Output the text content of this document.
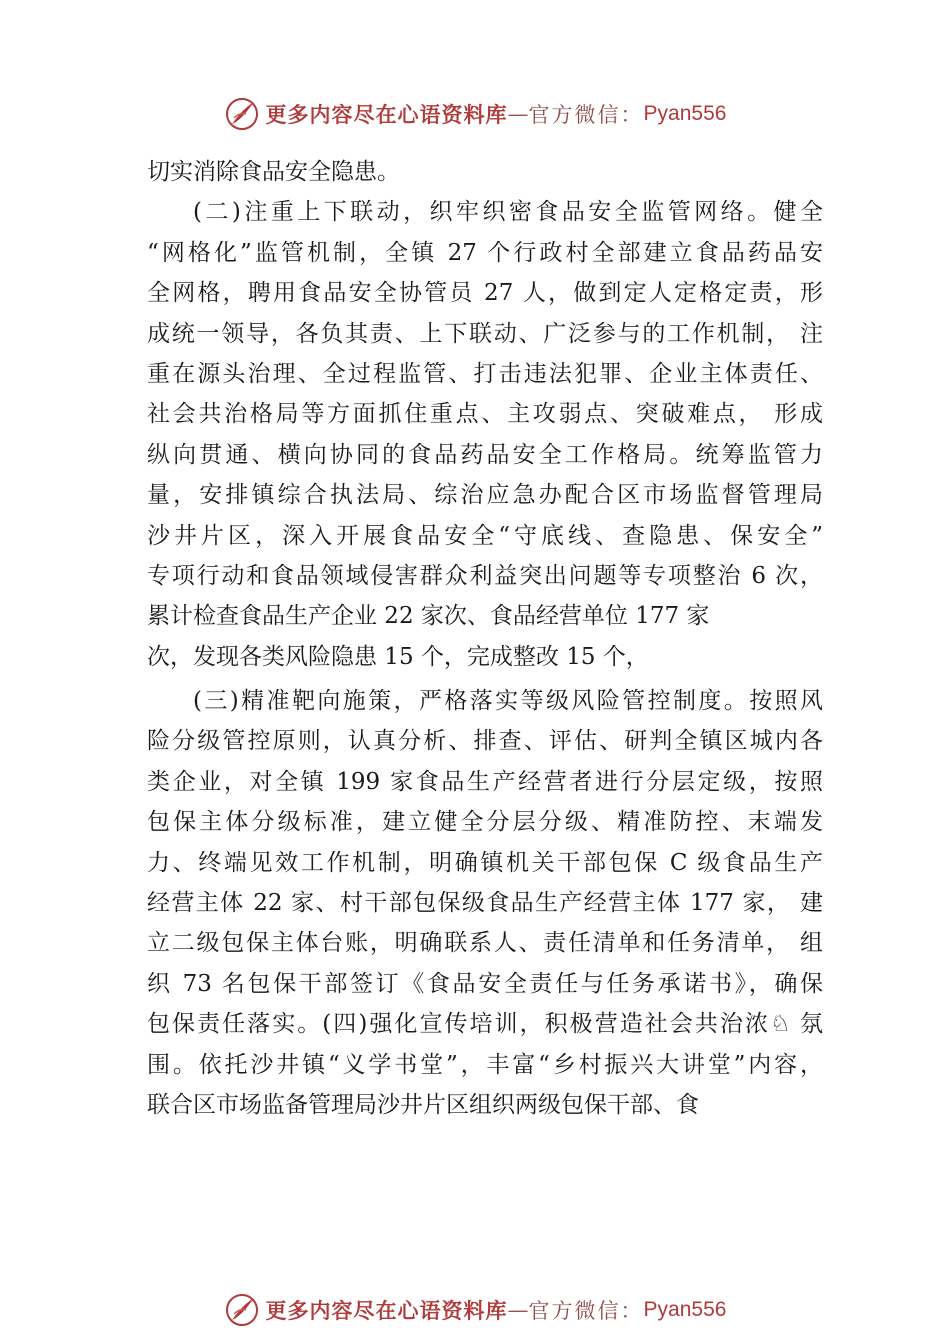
更多内容尽在心语资料库 — 官方微信： Pyan556
切实消除食品安全隐患。
(二)注重上下联动，织牢织密食品安全监管网络。健全
“网格化”监管机制，全镇 27 个行政村全部建立食品药品安
全网格，聘用食品安全协管员 27 人，做到定人定格定责，形
成统一领导，各负其责、上下联动、广泛参与的工作机制， 注
重在源头治理、全过程监管、打击违法犯罪、企业主体责任、
社会共治格局等方面抓住重点、主攻弱点、突破难点， 形成
纵向贯通、横向协同的食品药品安全工作格局。统筹监管力
量，安排镇综合执法局、综治应急办配合区市场监督管理局
沙井片区，深入开展食品安全“守底线、查隐患、保安全”
专项行动和食品领域侵害群众利益突出问题等专项整治 6 次，
累计检查食品生产企业 22 家次、食品经营单位 177 家
次，发现各类风险隐患 15 个，完成整改 15 个，
(三)精准靶向施策，严格落实等级风险管控制度。按照风
险分级管控原则，认真分析、排查、评估、研判全镇区城内各
类企业，对全镇 199 家食品生产经营者进行分层定级，按照
包保主体分级标准，建立健全分层分级、精准防控、末端发
力、终端见效工作机制，明确镇机关干部包保 C 级食品生产
经营主体 22 家、村干部包保级食品生产经营主体 177 家， 建
立二级包保主体台账，明确联系人、责任清单和任务清单， 组
织 73 名包保干部签订《食品安全责任与任务承诺书》，确保
包保责任落实。(四)强化宣传培训，积极营造社会共治浓♘ 氛
围。依托沙井镇“义学书堂”，丰富“乡村振兴大讲堂”内容，
联合区市场监备管理局沙井片区组织两级包保干部、食
更多内容尽在心语资料库 — 官方微信： Pyan556
